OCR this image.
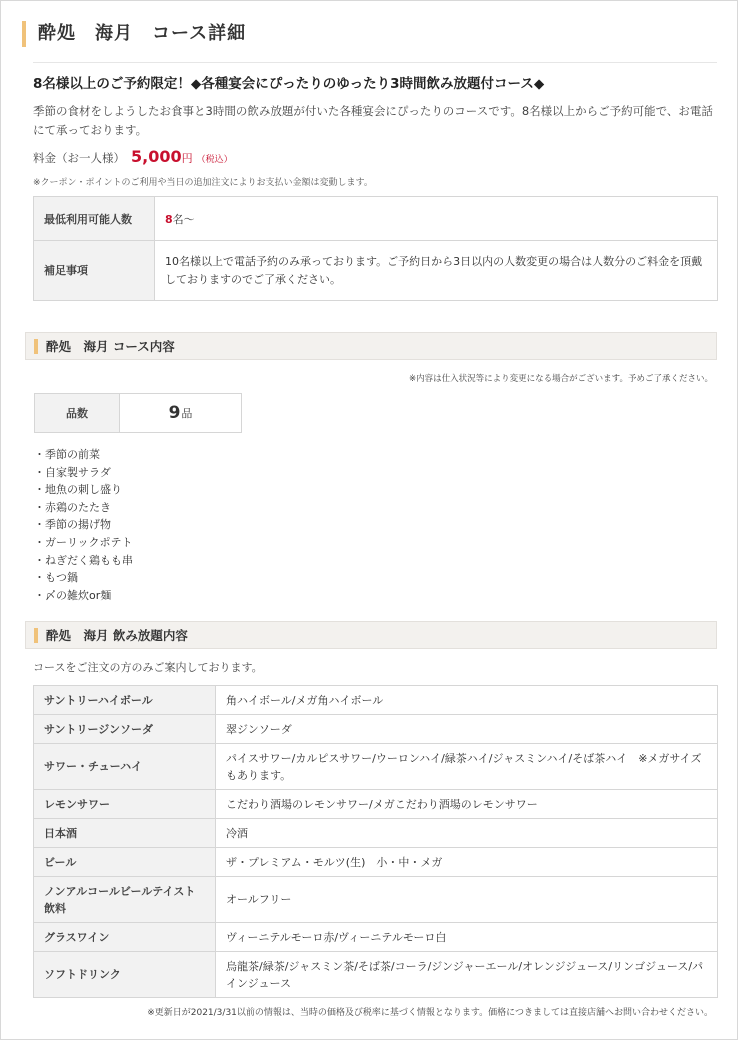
酔処　海月　コース詳細
8名様以上のご予約限定！◆各種宴会にぴったりのゆったり3時間飲み放題付コース◆
季節の食材をしようしたお食事と3時間の飲み放題が付いた各種宴会にぴったりのコースです。8名様以上からご予約可能で、お電話にて承っております。
料金（お一人様） 5,000円 （税込）
※クーポン・ポイントのご利用や当日の追加注文によりお支払い金額は変動します。
最低利用可能人数	8名～
補足事項	10名様以上で電話予約のみ承っております。ご予約日から3日以内の人数変更の場合は人数分のご料金を頂戴しておりますのでご了承ください。
酔処　海月 コース内容
※内容は仕入状況等により変更になる場合がございます。予めご了承ください。
品数	9 品
・季節の前菜
・自家製サラダ
・地魚の刺し盛り
・赤鶏のたたき
・季節の揚げ物
・ガーリックポテト
・ねぎだく鶏もも串
・もつ鍋
・〆の雑炊or麺
酔処　海月 飲み放題内容
コースをご注文の方のみご案内しております。
サントリーハイボール	角ハイボール/メガ角ハイボール
サントリージンソーダ	翠ジンソーダ
サワー・チューハイ	パイスサワー/カルピスサワー/ウーロンハイ/緑茶ハイ/ジャスミンハイ/そば茶ハイ　※メガサイズもあります。
レモンサワー	こだわり酒場のレモンサワー/メガこだわり酒場のレモンサワー
日本酒	冷酒
ビール	ザ・プレミアム・モルツ(生)　小・中・メガ
ノンアルコールビールテイスト飲料	オールフリー
グラスワイン	ヴィーニテルモーロ赤/ヴィーニテルモーロ白
ソフトドリンク	烏龍茶/緑茶/ジャスミン茶/そば茶/コーラ/ジンジャーエール/オレンジジュース/リンゴジュース/パインジュース
※更新日が2021/3/31以前の情報は、当時の価格及び税率に基づく情報となります。価格につきましては直接店舗へお問い合わせください。
